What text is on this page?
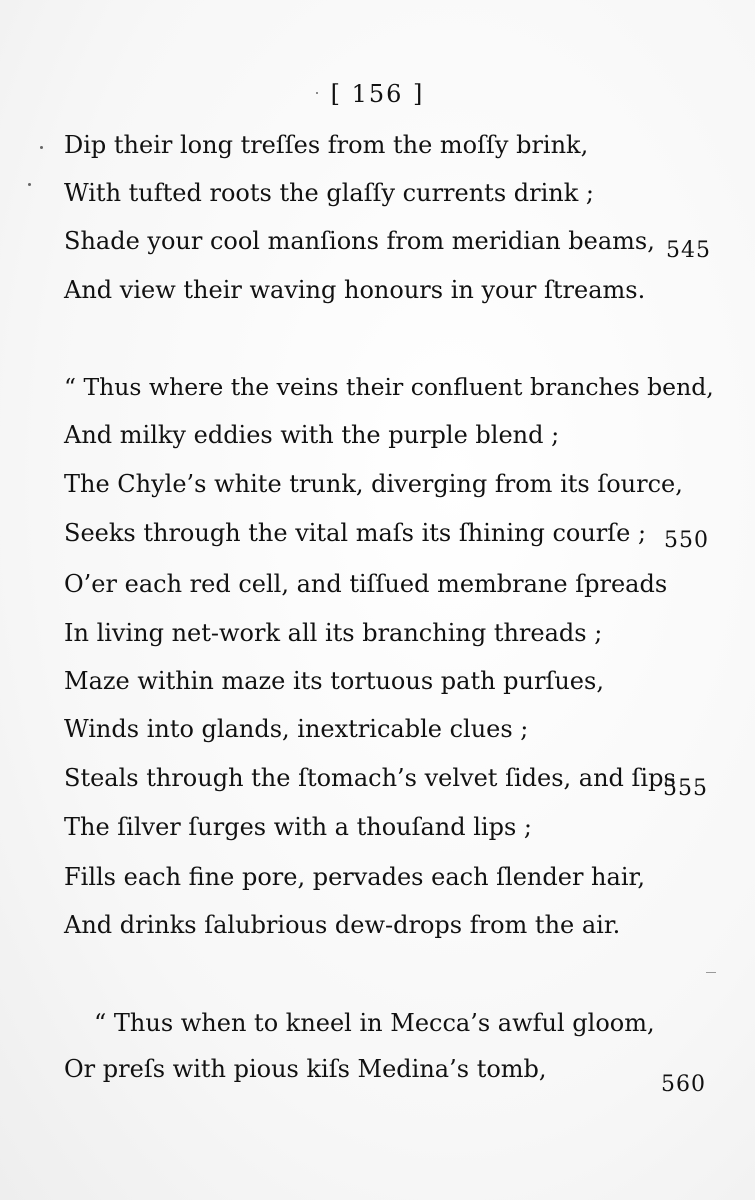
[ 156 ]
Dip their long treſſes from the moſſy brink,
With tufted roots the glaſſy currents drink ;
Shade your cool manſions from meridian beams,
And view their waving honours in your ſtreams.
“ Thus where the veins their confluent branches bend,
And milky eddies with the purple blend ;
The Chyle’s white trunk, diverging from its ſource,
Seeks through the vital maſs its ſhining courſe ;
O’er each red cell, and tiſſued membrane ſpreads
In living net-work all its branching threads ;
Maze within maze its tortuous path purſues,
Winds into glands, inextricable clues ;
Steals through the ſtomach’s velvet ſides, and ſips
The ſilver ſurges with a thouſand lips ;
Fills each fine pore, pervades each ſlender hair,
And drinks ſalubrious dew-drops from the air.
“ Thus when to kneel in Mecca’s awful gloom,
Or preſs with pious kiſs Medina’s tomb,
545
550
555
560
